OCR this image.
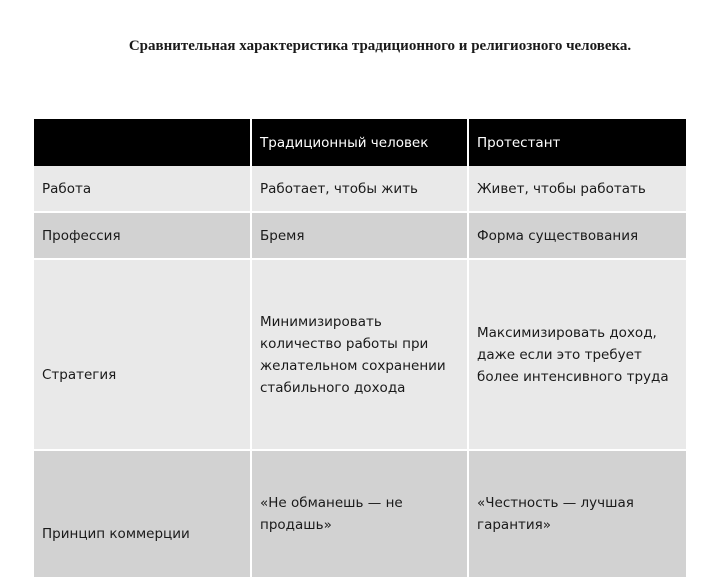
Сравнительная характеристика традиционного и религиозного человека.
	Традиционный человек	Протестант
Работа	Работает, чтобы жить	Живет, чтобы работать
Профессия	Бремя	Форма существования
Стратегия	Минимизировать количество работы при желательном сохранении стабильного дохода	Максимизировать доход, даже если это требует более интенсивного труда
Принцип коммерции	«Не обманешь — не продашь»	«Честность — лучшая гарантия»
